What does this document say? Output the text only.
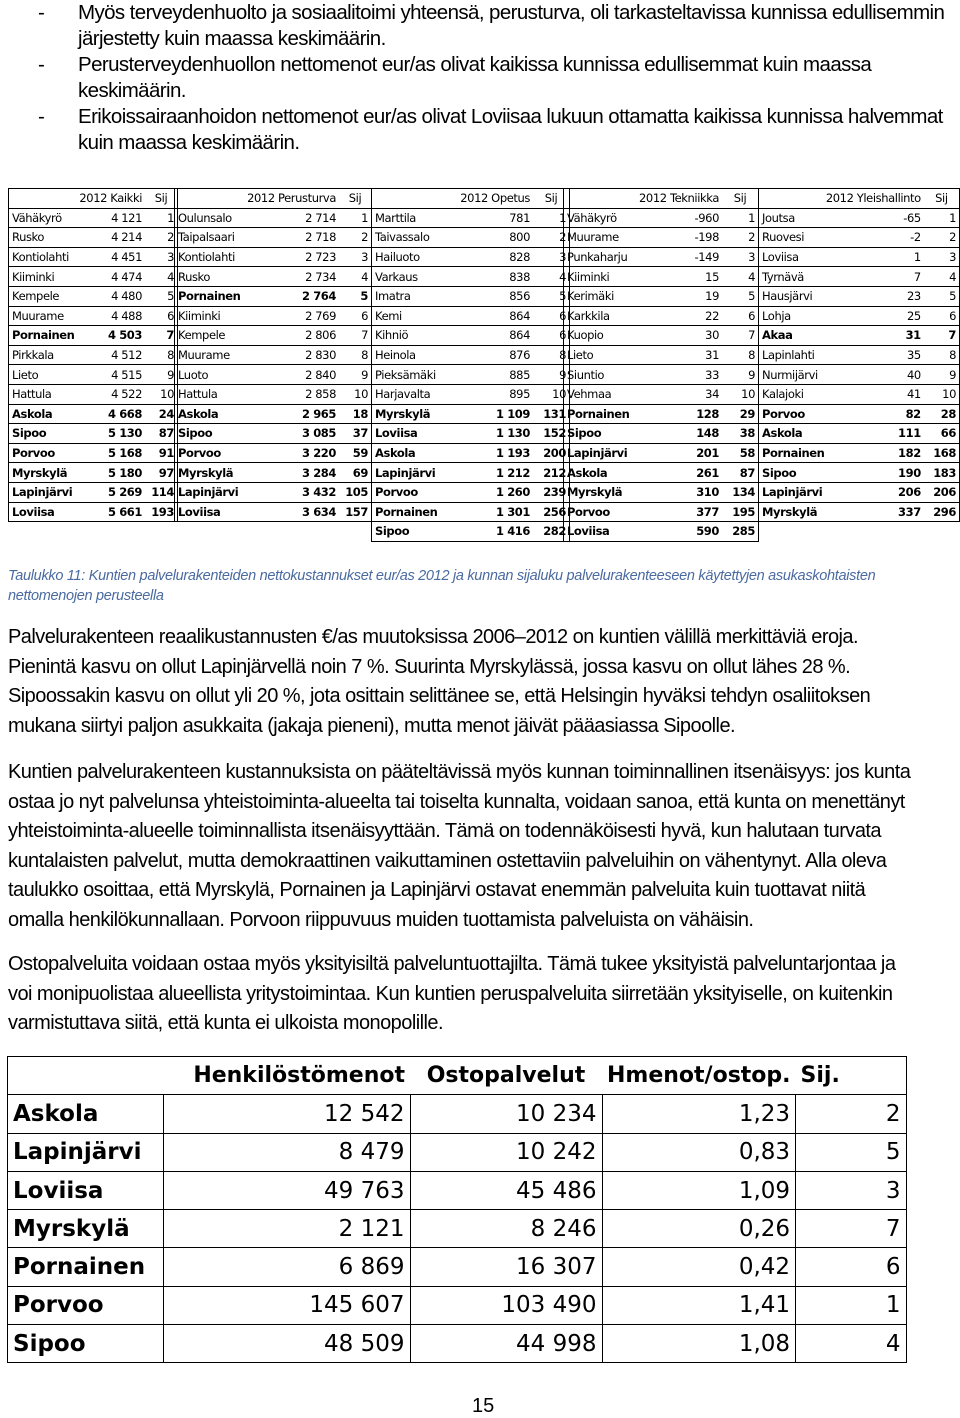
- Myös terveydenhuolto ja sosiaalitoimi yhteensä, perusturva, oli tarkasteltavissa kunnissa edullisemmin
järjestetty kuin maassa keskimäärin.
- Perusterveydenhuollon nettomenot eur/as olivat kaikissa kunnissa edullisemmat kuin maassa
keskimäärin.
- Erikoissairaanhoidon nettomenot eur/as olivat Loviisaa lukuun ottamatta kaikissa kunnissa halvemmat
kuin maassa keskimäärin.
2012 Kaikki		Sij
Vähäkyrö	4 121	1
Rusko	4 214	2
Kontiolahti	4 451	3
Kiiminki	4 474	4
Kempele	4 480	5
Muurame	4 488	6
Pornainen	4 503	7
Pirkkala	4 512	8
Lieto	4 515	9
Hattula	4 522	10
Askola	4 668	24
Sipoo	5 130	87
Porvoo	5 168	91
Myrskylä	5 180	97
Lapinjärvi	5 269	114
Loviisa	5 661	193
2012 Perusturva		Sij
Oulunsalo	2 714	1
Taipalsaari	2 718	2
Kontiolahti	2 723	3
Rusko	2 734	4
Pornainen	2 764	5
Kiiminki	2 769	6
Kempele	2 806	7
Muurame	2 830	8
Luoto	2 840	9
Hattula	2 858	10
Askola	2 965	18
Sipoo	3 085	37
Porvoo	3 220	59
Myrskylä	3 284	69
Lapinjärvi	3 432	105
Loviisa	3 634	157
2012 Opetus		Sij
Marttila	781	1
Taivassalo	800	2
Hailuoto	828	3
Varkaus	838	4
Imatra	856	5
Kemi	864	6
Kihniö	864	6
Heinola	876	8
Pieksämäki	885	9
Harjavalta	895	10
Myrskylä	1 109	131
Loviisa	1 130	152
Askola	1 193	200
Lapinjärvi	1 212	212
Porvoo	1 260	239
Pornainen	1 301	256
Sipoo	1 416	282
2012 Tekniikka		Sij
Vähäkyrö	-960	1
Muurame	-198	2
Punkaharju	-149	3
Kiiminki	15	4
Kerimäki	19	5
Karkkila	22	6
Kuopio	30	7
Lieto	31	8
Siuntio	33	9
Vehmaa	34	10
Pornainen	128	29
Sipoo	148	38
Lapinjärvi	201	58
Askola	261	87
Myrskylä	310	134
Porvoo	377	195
Loviisa	590	285
2012 Yleishallinto		Sij
Joutsa	-65	1
Ruovesi	-2	2
Loviisa	1	3
Tyrnävä	7	4
Hausjärvi	23	5
Lohja	25	6
Akaa	31	7
Lapinlahti	35	8
Nurmijärvi	40	9
Kalajoki	41	10
Porvoo	82	28
Askola	111	66
Pornainen	182	168
Sipoo	190	183
Lapinjärvi	206	206
Myrskylä	337	296
Taulukko 11: Kuntien palvelurakenteiden nettokustannukset eur/as 2012 ja kunnan sijaluku palvelurakenteeseen käytettyjen asukaskohtaisten
nettomenojen perusteella
Palvelurakenteen reaalikustannusten €/as muutoksissa 2006–2012 on kuntien välillä merkittäviä eroja.
Pienintä kasvu on ollut Lapinjärvellä noin 7 %. Suurinta Myrskylässä, jossa kasvu on ollut lähes 28 %.
Sipoossakin kasvu on ollut yli 20 %, jota osittain selittänee se, että Helsingin hyväksi tehdyn osaliitoksen
mukana siirtyi paljon asukkaita (jakaja pieneni), mutta menot jäivät pääasiassa Sipoolle.
Kuntien palvelurakenteen kustannuksista on pääteltävissä myös kunnan toiminnallinen itsenäisyys: jos kunta
ostaa jo nyt palvelunsa yhteistoiminta-alueelta tai toiselta kunnalta, voidaan sanoa, että kunta on menettänyt
yhteistoiminta-alueelle toiminnallista itsenäisyyttään. Tämä on todennäköisesti hyvä, kun halutaan turvata
kuntalaisten palvelut, mutta demokraattinen vaikuttaminen ostettaviin palveluihin on vähentynyt. Alla oleva
taulukko osoittaa, että Myrskylä, Pornainen ja Lapinjärvi ostavat enemmän palveluita kuin tuottavat niitä
omalla henkilökunnallaan. Porvoon riippuvuus muiden tuottamista palveluista on vähäisin.
Ostopalveluita voidaan ostaa myös yksityisiltä palveluntuottajilta. Tämä tukee yksityistä palveluntarjontaa ja
voi monipuolistaa alueellista yritystoimintaa. Kun kuntien peruspalveluita siirretään yksityiselle, on kuitenkin
varmistuttava siitä, että kunta ei ulkoista monopolille.
	Henkilöstömenot	Ostopalvelut	Hmenot/ostop.	Sij.
Askola	12 542	10 234	1,23	2
Lapinjärvi	8 479	10 242	0,83	5
Loviisa	49 763	45 486	1,09	3
Myrskylä	2 121	8 246	0,26	7
Pornainen	6 869	16 307	0,42	6
Porvoo	145 607	103 490	1,41	1
Sipoo	48 509	44 998	1,08	4
15
